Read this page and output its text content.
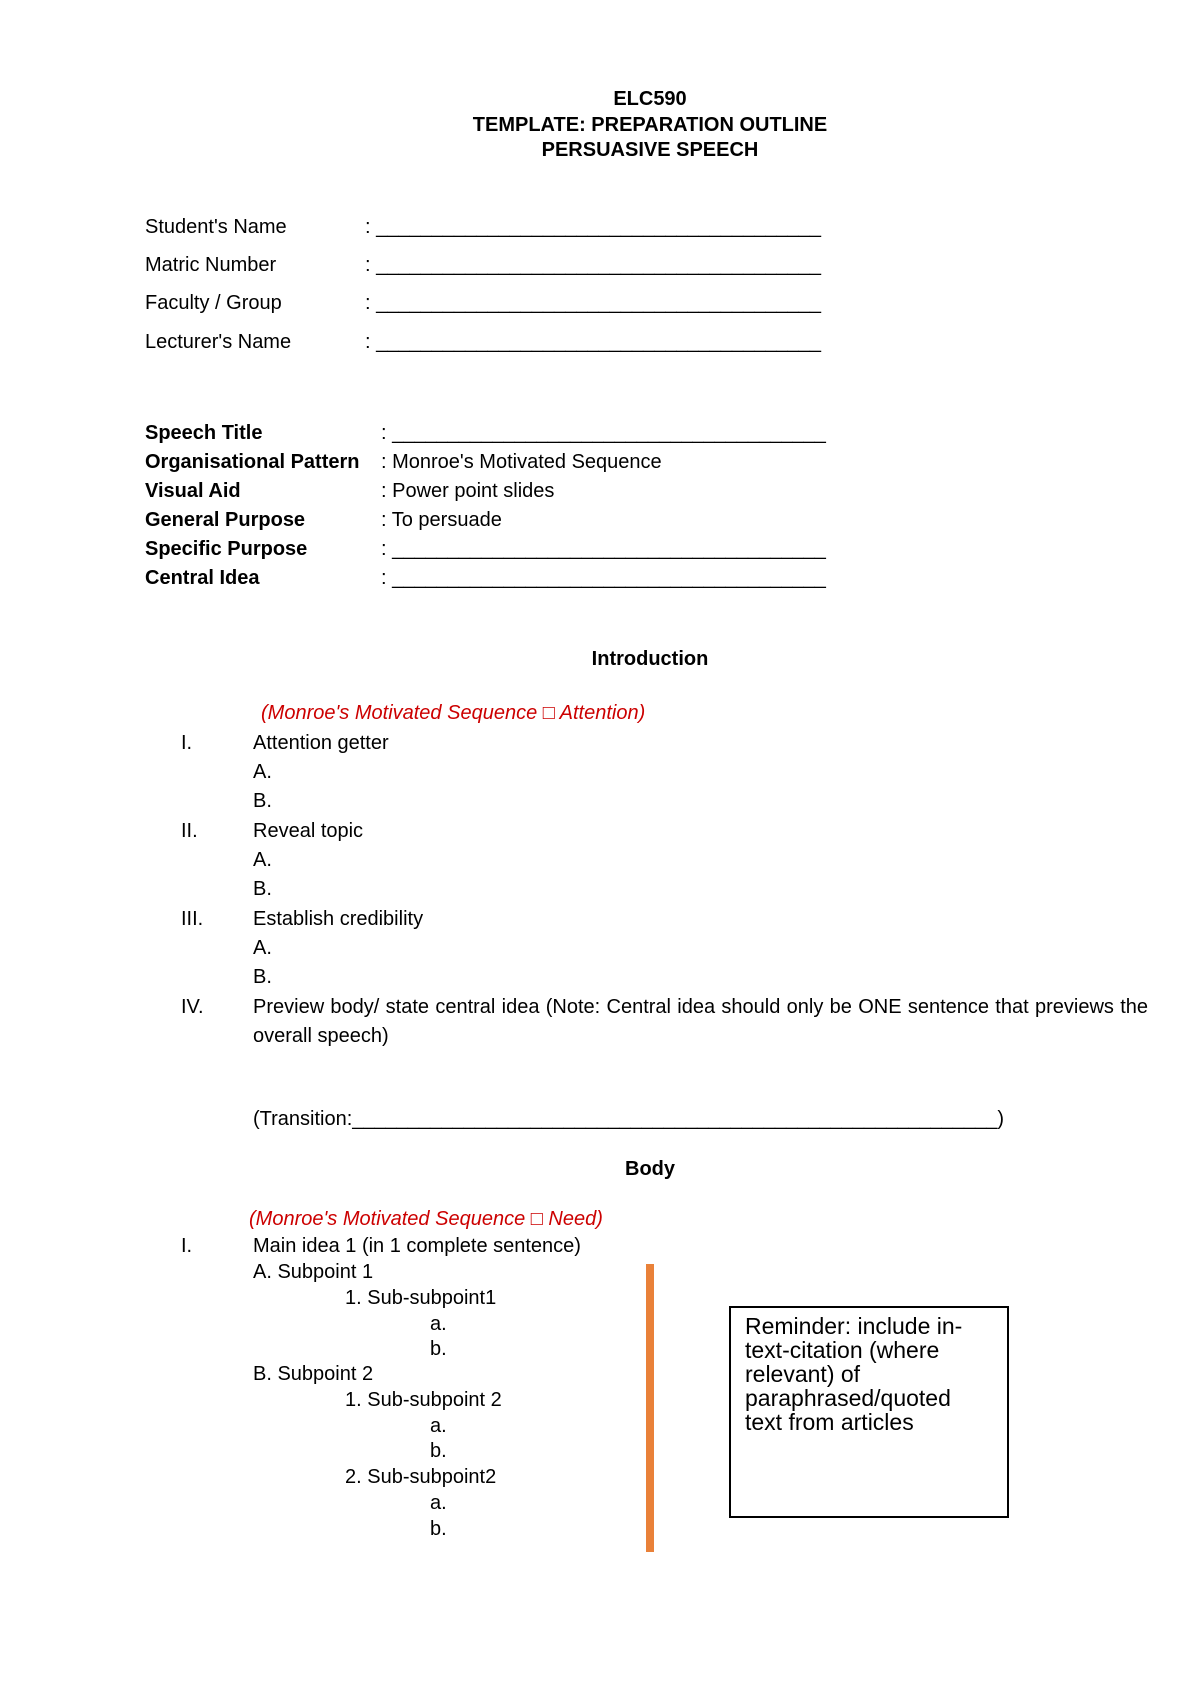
ELC590
TEMPLATE: PREPARATION OUTLINE
PERSUASIVE SPEECH
Student's Name	: ________________________________________
Matric Number	: ________________________________________
Faculty / Group	: ________________________________________
Lecturer's Name	: ________________________________________
Speech Title	: _______________________________________
Organisational Pattern : Monroe's Motivated Sequence
Visual Aid	: Power point slides
General Purpose	: To persuade
Specific Purpose	: _______________________________________
Central Idea	: _______________________________________
Introduction
(Monroe's Motivated Sequence □ Attention)
I.	Attention getter
A.
B.
II.	Reveal topic
A.
B.
III. Establish credibility
A.
B.
IV. Preview body/ state central idea (Note: Central idea should only be ONE sentence that previews the overall speech)
(Transition:__________________________________________________________)
Body
(Monroe's Motivated Sequence □ Need)
I.	Main idea 1 (in 1 complete sentence)
A. Subpoint 1
1. Sub-subpoint1
a.
b.
B. Subpoint 2
1. Sub-subpoint 2
a.
b.
2. Sub-subpoint2
a.
b.
Reminder: include in-text-citation (where relevant) of paraphrased/quoted text from articles
